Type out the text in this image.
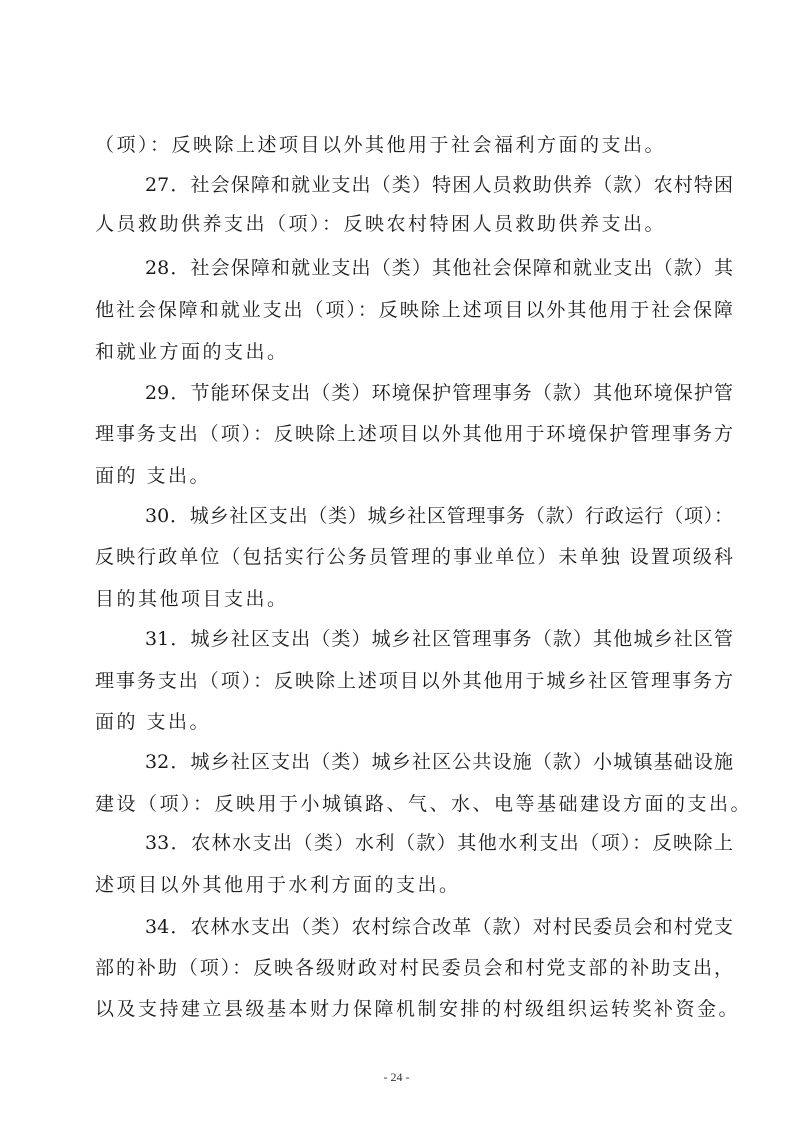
（项）：反映除上述项目以外其他用于社会福利方面的支出。
27．社会保障和就业支出（类）特困人员救助供养（款）农村特困
人员救助供养支出（项）：反映农村特困人员救助供养支出。
28．社会保障和就业支出（类）其他社会保障和就业支出（款）其
他社会保障和就业支出（项）：反映除上述项目以外其他用于社会保障
和就业方面的支出。
29．节能环保支出（类）环境保护管理事务（款）其他环境保护管
理事务支出（项）：反映除上述项目以外其他用于环境保护管理事务方
面的 支出。
30．城乡社区支出（类）城乡社区管理事务（款）行政运行（项）：
反映行政单位（包括实行公务员管理的事业单位）未单独 设置项级科
目的其他项目支出。
31．城乡社区支出（类）城乡社区管理事务（款）其他城乡社区管
理事务支出（项）：反映除上述项目以外其他用于城乡社区管理事务方
面的 支出。
32．城乡社区支出（类）城乡社区公共设施（款）小城镇基础设施
建设（项）：反映用于小城镇路、气、水、电等基础建设方面的支出。
33．农林水支出（类）水利（款）其他水利支出（项）：反映除上
述项目以外其他用于水利方面的支出。
34．农林水支出（类）农村综合改革（款）对村民委员会和村党支
部的补助（项）：反映各级财政对村民委员会和村党支部的补助支出，
以及支持建立县级基本财力保障机制安排的村级组织运转奖补资金。
- 24 -
